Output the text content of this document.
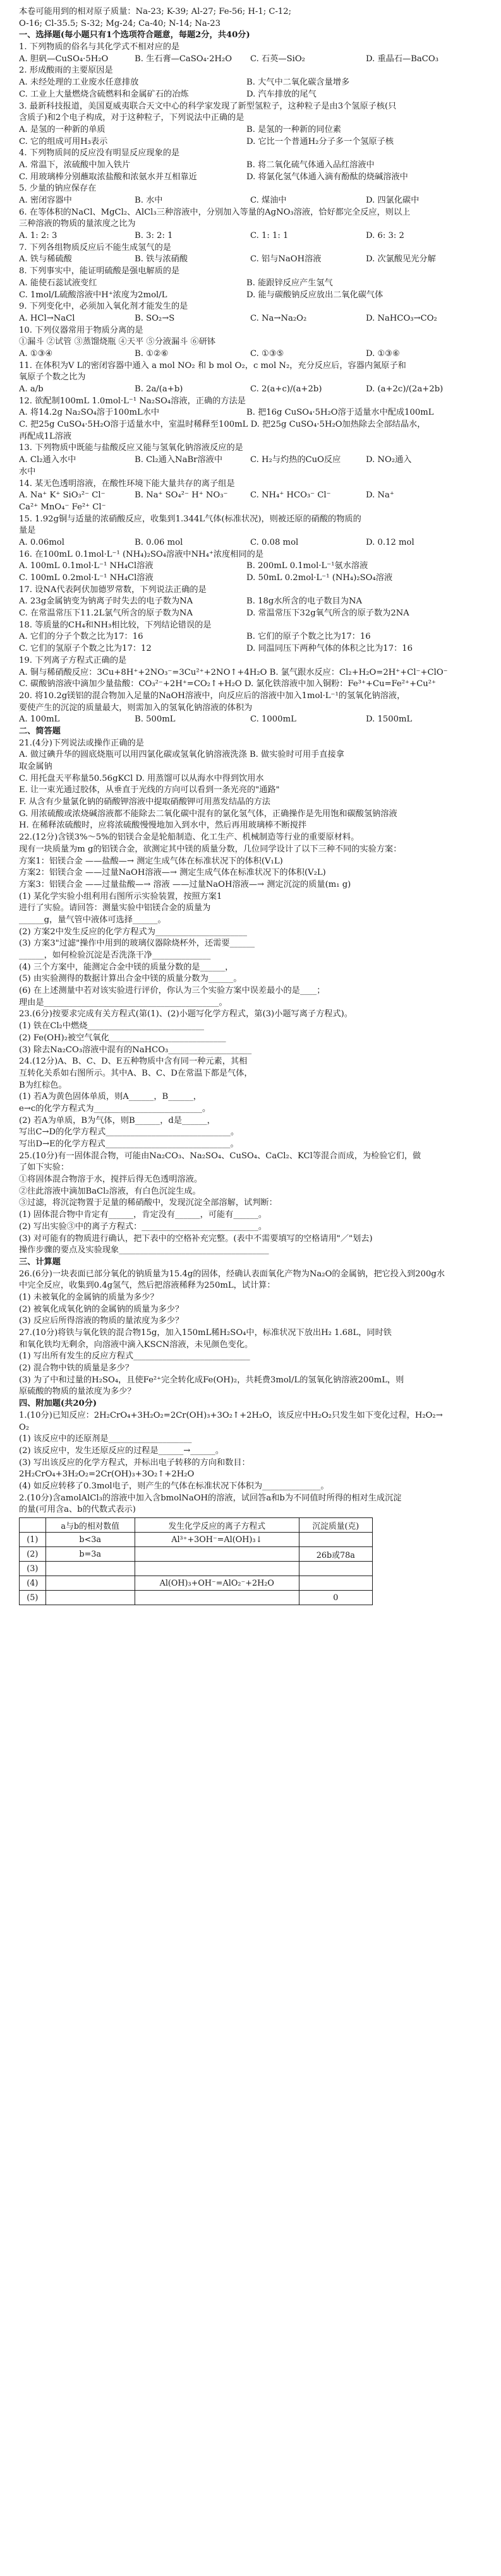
本卷可能用到的相对原子质量：Na-23; K-39; Al-27; Fe-56; H-1; C-12;
O-16; Cl-35.5; S-32; Mg-24; Ca-40; N-14; Na-23
一、选择题(每小题只有1个选项符合题意，每题2分，共40分)
1. 下列物质的俗名与其化学式不相对应的是
A. 胆矾—CuSO₄·5H₂O	B. 生石膏—CaSO₄·2H₂O	C. 石英—SiO₂	D. 重晶石—BaCO₃
2. 形成酸雨的主要原因是
A. 未经处理的工业废水任意排放	B. 大气中二氧化碳含量增多
C. 工业上大量燃烧含硫燃料和金属矿石的冶炼	D. 汽车排放的尾气
3. 最新科技报道，美国夏威夷联合天文中心的科学家发现了新型氢粒子，这种粒子是由3个氢原子核(只
含质子)和2个电子构成，对于这种粒子，下列说法中正确的是
A. 是氢的一种新的单质	B. 是氢的一种新的同位素
C. 它的组成可用H₃表示	D. 它比一个普通H₂分子多一个氢原子核
4. 下列物质间的反应没有明显反应现象的是
A. 常温下，浓硫酸中加入铁片	B. 将二氧化硫气体通入品红溶液中
C. 用玻璃棒分别蘸取浓盐酸和浓氨水并互相靠近	D. 将氯化氢气体通入滴有酚酞的烧碱溶液中
5. 少量的钠应保存在
A. 密闭容器中	B. 水中	C. 煤油中	D. 四氯化碳中
6. 在等体积的NaCl、MgCl₂、AlCl₃三种溶液中，分别加入等量的AgNO₃溶液，恰好都完全反应，则以上
三种溶液的物质的量浓度之比为
A. 1: 2: 3	B. 3: 2: 1	C. 1: 1: 1	D. 6: 3: 2
7. 下列各组物质反应后不能生成氢气的是
A. 铁与稀硫酸	B. 铁与浓硝酸	C. 铝与NaOH溶液	D. 次氯酸见光分解
8. 下列事实中，能证明硫酸是强电解质的是
A. 能使石蕊试液变红	B. 能跟锌反应产生氢气
C. 1mol/L硫酸溶液中H⁺浓度为2mol/L	D. 能与碳酸钠反应放出二氧化碳气体
9. 下列变化中，必须加入氧化剂才能发生的是
A. HCl→NaCl	B. SO₂→S	C. Na→Na₂O₂	D. NaHCO₃→CO₂
10. 下列仪器常用于物质分离的是
①漏斗 ②试管 ③蒸馏烧瓶 ④天平 ⑤分液漏斗 ⑥研钵
A. ①③④	B. ①②⑥	C. ①③⑤	D. ①③⑥
11. 在体积为V L的密闭容器中通入 a mol NO₂ 和 b mol O₂，c mol N₂，充分反应后，容器内氮原子和
氧原子个数之比为
A. a/b	B. 2a/(a+b)	C. 2(a+c)/(a+2b)	D. (a+2c)/(2a+2b)
12. 欲配制100mL 1.0mol·L⁻¹ Na₂SO₄溶液，正确的方法是
A. 将14.2g Na₂SO₄溶于100mL水中	B. 把16g CuSO₄·5H₂O溶于适量水中配成100mL
C. 把25g CuSO₄·5H₂O溶于适量水中，室温时稀释至100mL D. 把25g CuSO₄·5H₂O加热除去全部结晶水，
再配成1L溶液
13. 下列物质中既能与盐酸反应又能与氢氧化钠溶液反应的是
A. Cl₂通入水中	B. Cl₂通入NaBr溶液中	C. H₂与灼热的CuO反应	D. NO₂通入
水中
14. 某无色透明溶液，在酸性环境下能大量共存的离子组是
A. Na⁺ K⁺ SiO₃²⁻ Cl⁻	B. Na⁺ SO₄²⁻ H⁺ NO₃⁻	C. NH₄⁺ HCO₃⁻ Cl⁻	D. Na⁺
Ca²⁺ MnO₄⁻ Fe²⁺ Cl⁻
15. 1.92g铜与适量的浓硝酸反应，收集到1.344L气体(标准状况)，则被还原的硝酸的物质的
量是
A. 0.06mol	B. 0.06 mol	C. 0.08 mol	D. 0.12 mol
16. 在100mL 0.1mol·L⁻¹ (NH₄)₂SO₄溶液中NH₄⁺浓度相同的是
A. 100mL 0.1mol·L⁻¹ NH₄Cl溶液	B. 200mL 0.1mol·L⁻¹氨水溶液
C. 100mL 0.2mol·L⁻¹ NH₄Cl溶液	D. 50mL 0.2mol·L⁻¹ (NH₄)₂SO₄溶液
17. 设NA代表阿伏加德罗常数，下列说法正确的是
A. 23g金属钠变为钠离子时失去的电子数为NA	B. 18g水所含的电子数目为NA
C. 在常温常压下11.2L氯气所含的原子数为NA	D. 常温常压下32g氧气所含的原子数为2NA
18. 等质量的CH₄和NH₃相比较，下列结论错误的是
A. 它们的分子个数之比为17：16	B. 它们的原子个数之比为17：16
C. 它们的氢原子个数之比为17：12	D. 同温同压下两种气体的体积之比为17：16
19. 下列离子方程式正确的是
A. 铜与稀硝酸反应：3Cu+8H⁺+2NO₃⁻=3Cu²⁺+2NO↑+4H₂O B. 氯气跟水反应：Cl₂+H₂O=2H⁺+Cl⁻+ClO⁻
C. 碳酸钠溶液中滴加少量盐酸：CO₃²⁻+2H⁺=CO₂↑+H₂O D. 氯化铁溶液中加入铜粉：Fe³⁺+Cu=Fe²⁺+Cu²⁺
20. 将10.2g镁铝的混合物加入足量的NaOH溶液中，向反应后的溶液中加入1mol·L⁻¹的氢氧化钠溶液，
要使产生的沉淀的质量最大，则需加入的氢氧化钠溶液的体积为
A. 100mL	B. 500mL	C. 1000mL	D. 1500mL
二、简答题
21.(4分)下列说法或操作正确的是
A. 做过碘升华的圆底烧瓶可以用四氯化碳或氢氧化钠溶液洗涤 B. 做实验时可用手直接拿
取金属钠
C. 用托盘天平称量50.56gKCl D. 用蒸馏可以从海水中得到饮用水
E. 让一束光通过胶体，从垂直于光线的方向可以看到一条光亮的"通路"
F. 从含有少量氯化钠的硝酸钾溶液中提取硝酸钾可用蒸发结晶的方法
G. 用浓硫酸或浓烧碱溶液都不能除去二氧化碳中混有的氯化氢气体，正确操作是先用饱和碳酸氢钠溶液
H. 在稀释浓硫酸时，应将浓硫酸慢慢地加入到水中，然后再用玻璃棒不断搅拌
22.(12分)含镁3%～5%的铝镁合金是轮船制造、化工生产、机械制造等行业的重要原材料。
现有一块质量为m g的铝镁合金，欲测定其中镁的质量分数，几位同学设计了以下三种不同的实验方案：
方案1：铝镁合金 ——盐酸—→ 测定生成气体在标准状况下的体积(V₁L)
方案2：铝镁合金 ——过量NaOH溶液—→ 测定生成气体在标准状况下的体积(V₂L)
方案3：铝镁合金 ——过量盐酸—→ 溶液 ——过量NaOH溶液—→ 测定沉淀的质量(m₁ g)
(1) 某化学实验小组利用右图所示实验装置，按照方案1
进行了实验。请回答：测量实验中铝镁合金的质量为
______g，量气管中液体可选择______。
(2) 方案2中发生反应的化学方程式为______________________
(3) 方案3"过滤"操作中用到的玻璃仪器除烧杯外，还需要______
______，如何检验沉淀是否洗涤干净______________
(4) 三个方案中，能测定合金中镁的质量分数的是______，
(5) 由实验测得的数据计算出合金中镁的质量分数为______。
(6) 在上述测量中若对该实验进行评价，你认为三个实验方案中误差最小的是____；
理由是__________________________________________。
23.(6分)按要求完成有关方程式(第(1)、(2)小题写化学方程式，第(3)小题写离子方程式)。
(1) 铁在Cl₂中燃烧____________________________
(2) Fe(OH)₂被空气氧化____________________________
(3) 除去Na₂CO₃溶液中混有的NaHCO₃____________________
24.(12分)A、B、C、D、E五种物质中含有同一种元素，其相
互转化关系如右图所示。其中A、B、C、D在常温下都是气体，
B为红棕色。
(1) 若A为黄色固体单质，则A______，B______，
e→c的化学方程式为__________________________。
(2) 若A为单质，B为气体，则B______，d是______，
写出C→D的化学方程式______________________________。
写出D→E的化学方程式______________________________。
25.(10分)有一固体混合物，可能由Na₂CO₃、Na₂SO₄、CuSO₄、CaCl₂、KCl等混合而成，为检验它们，做
了如下实验：
①将固体混合物溶于水，搅拌后得无色透明溶液。
②往此溶液中滴加BaCl₂溶液，有白色沉淀生成。
③过滤，将沉淀物置于足量的稀硝酸中，发现沉淀全部溶解，试判断：
(1) 固体混合物中肯定有______，肯定没有______，可能有______。
(2) 写出实验③中的离子方程式：____________________________。
(3) 对可能有的物质进行确认，把下表中的空格补充完整。(表中不需要填写的空格请用"／"划去)
操作步骤的要点及实验现象____________________________________
三、计算题
26.(6分)一块表面已部分氧化的钠质量为15.4g的固体，经确认表面氧化产物为Na₂O的金属钠，把它投入到200g水
中完全反应，收集到0.4g氢气，然后把溶液稀释为250mL，试计算：
(1) 未被氧化的金属钠的质量为多少？
(2) 被氧化成氧化钠的金属钠的质量为多少？
(3) 反应后所得溶液的物质的量浓度为多少？
27.(10分)将铁与氧化铁的混合物15g，加入150mL稀H₂SO₄中，标准状况下放出H₂ 1.68L，同时铁
和氧化铁均无剩余，向溶液中滴入KSCN溶液，未见颜色变化。
(1) 写出所有发生的反应方程式____________________________
(2) 混合物中铁的质量是多少？
(3) 为了中和过量的H₂SO₄，且使Fe²⁺完全转化成Fe(OH)₂，共耗费3mol/L的氢氧化钠溶液200mL，则
原硫酸的物质的量浓度为多少？
四、附加题(共20分)
1.(10分)已知反应：2H₂CrO₄+3H₂O₂=2Cr(OH)₃+3O₂↑+2H₂O，该反应中H₂O₂只发生如下变化过程，H₂O₂→
O₂
(1) 该反应中的还原剂是____________________
(2) 该反应中，发生还原反应的过程是______→______。
(3) 写出该反应的化学方程式，并标出电子转移的方向和数目：
2H₂CrO₄+3H₂O₂=2Cr(OH)₃+3O₂↑+2H₂O
(4) 如反应转移了0.3mol电子，则产生的气体在标准状况下体积为______________。
2.(10分)含amolAlCl₃的溶液中加入含bmolNaOH的溶液，试回答a和b为不同值时所得的相对生成沉淀
的量(可用含a、b的代数式表示)
	a与b的相对数值	发生化学反应的离子方程式	沉淀质量(克)
(1)	b<3a	Al³⁺+3OH⁻=Al(OH)₃↓	
(2)	b=3a		26b或78a
(3)			
(4)		Al(OH)₃+OH⁻=AlO₂⁻+2H₂O	
(5)			0
